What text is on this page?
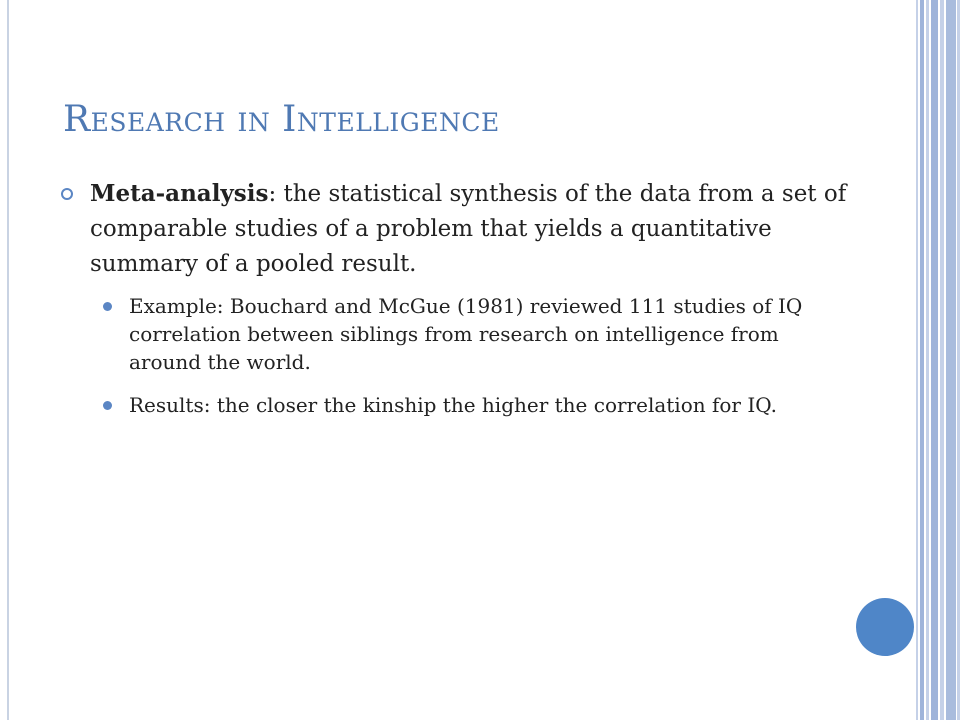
Research in Intelligence
Meta-analysis: the statistical synthesis of the data from a set of comparable studies of a problem that yields a quantitative summary of a pooled result.
Example: Bouchard and McGue (1981) reviewed 111 studies of IQ correlation between siblings from research on intelligence from around the world.
Results: the closer the kinship the higher the correlation for IQ.
